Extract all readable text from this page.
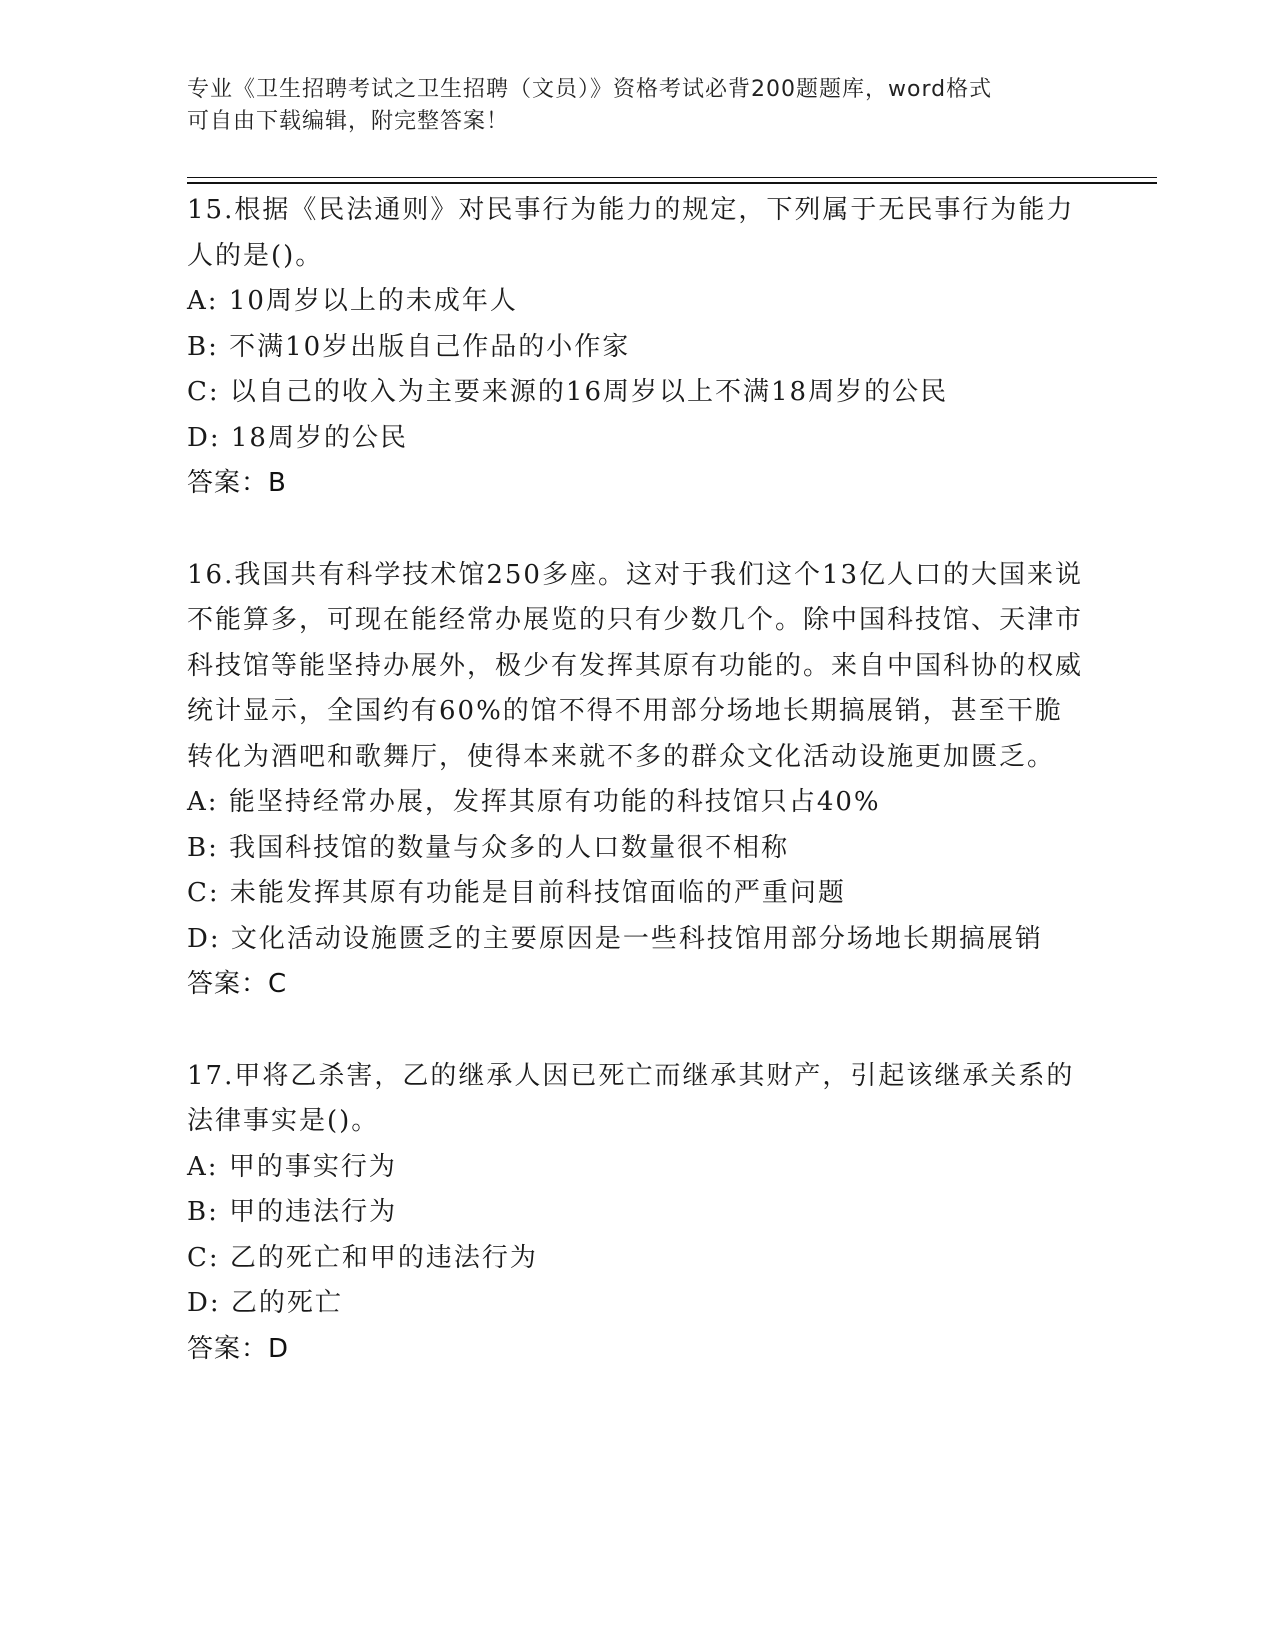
专业《卫生招聘考试之卫生招聘（文员）》资格考试必背200题题库，word格式
可自由下载编辑，附完整答案！

15.根据《民法通则》对民事行为能力的规定，下列属于无民事行为能力人的是()。

A: 10周岁以上的未成年人

B: 不满10岁出版自己作品的小作家

C: 以自己的收入为主要来源的16周岁以上不满18周岁的公民

D: 18周岁的公民

答案：B

16.我国共有科学技术馆250多座。这对于我们这个13亿人口的大国来说不能算多，可现在能经常办展览的只有少数几个。除中国科技馆、天津市科技馆等能坚持办展外，极少有发挥其原有功能的。来自中国科协的权威统计显示，全国约有60%的馆不得不用部分场地长期搞展销，甚至干脆转化为酒吧和歌舞厅，使得本来就不多的群众文化活动设施更加匮乏。

A: 能坚持经常办展，发挥其原有功能的科技馆只占40%

B: 我国科技馆的数量与众多的人口数量很不相称

C: 未能发挥其原有功能是目前科技馆面临的严重问题

D: 文化活动设施匮乏的主要原因是一些科技馆用部分场地长期搞展销

答案：C

17.甲将乙杀害，乙的继承人因已死亡而继承其财产，引起该继承关系的法律事实是()。

A: 甲的事实行为

B: 甲的违法行为

C: 乙的死亡和甲的违法行为

D: 乙的死亡

答案：D
